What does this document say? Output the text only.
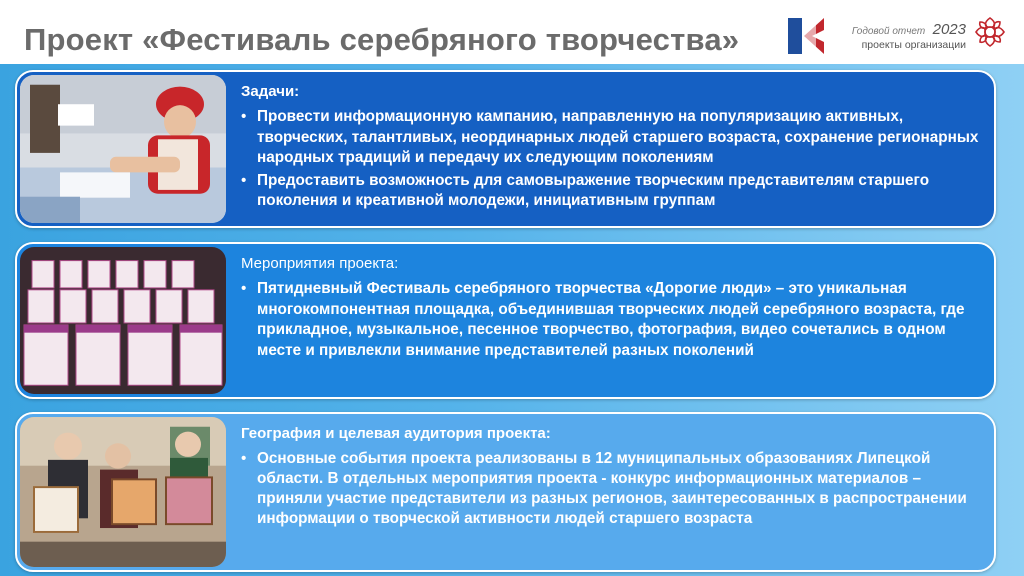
Проект «Фестиваль серебряного творчества»	Годовой отчет 2023
проекты организации
Задачи:
• Провести информационную кампанию, направленную на популяризацию активных, творческих, талантливых, неординарных людей старшего возраста, сохранение регионарных народных традиций и передачу их следующим поколениям
• Предоставить возможность для самовыражение творческим представителям старшего поколения и креативной молодежи, инициативным группам
Мероприятия проекта:
• Пятидневный Фестиваль серебряного творчества «Дорогие люди» – это уникальная многокомпонентная площадка, объединившая творческих людей серебряного возраста, где прикладное, музыкальное, песенное творчество, фотография, видео сочетались в одном месте и привлекли внимание представителей разных поколений
География и целевая аудитория проекта:
• Основные события проекта реализованы в 12 муниципальных образованиях Липецкой области. В отдельных мероприятия проекта - конкурс информационных материалов – приняли участие представители из разных регионов, заинтересованных в распространении информации о творческой активности людей старшего возраста
